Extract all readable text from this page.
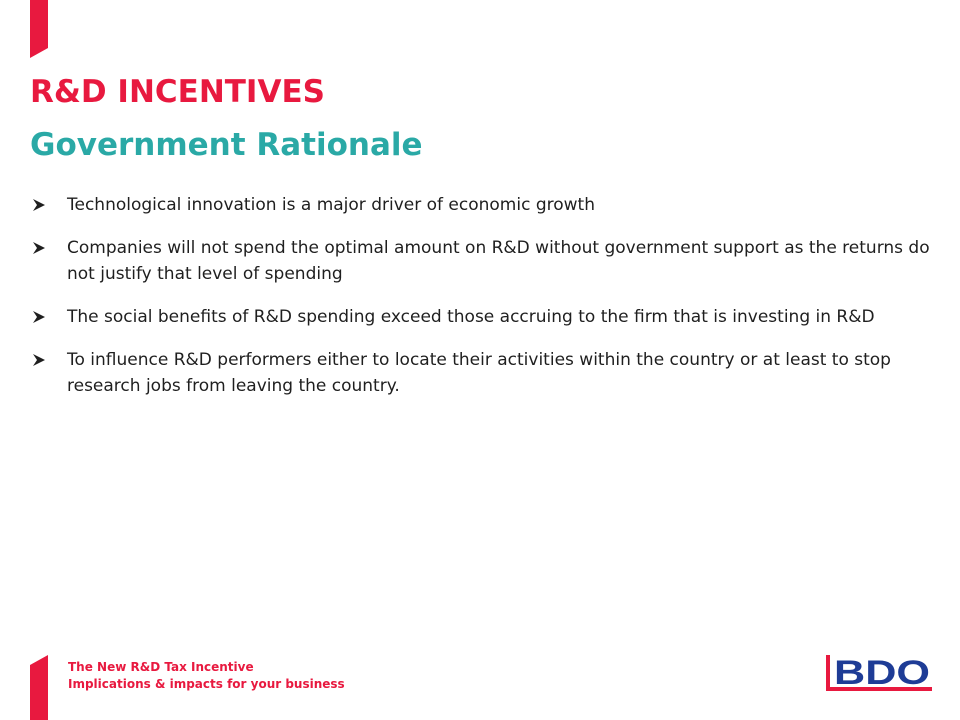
R&D INCENTIVES
Government Rationale
Technological innovation is a major driver of economic growth
Companies will not spend the optimal amount on R&D without government support as the returns do not justify that level of spending
The social benefits of R&D spending exceed those accruing to the firm that is investing in R&D
To influence R&D performers either to locate their activities within the country or at least to stop research jobs from leaving the country.
The New R&D Tax Incentive
Implications & impacts for your business	BDO
